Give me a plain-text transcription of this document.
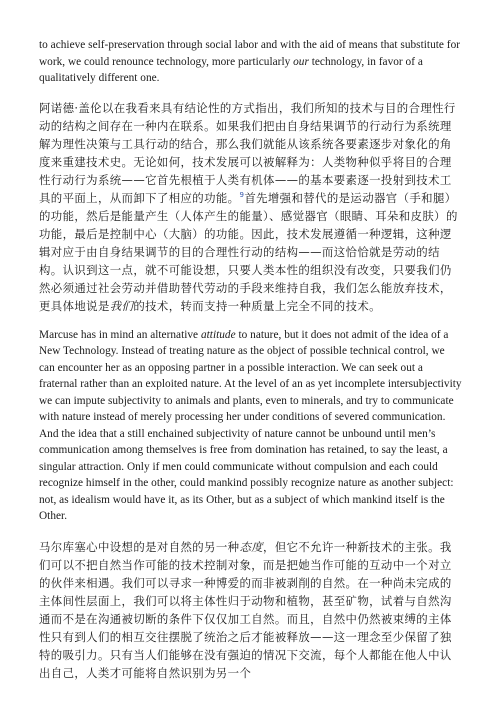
to achieve self-preservation through social labor and with the aid of means that substitute for work, we could renounce technology, more particularly our technology, in favor of a qualitatively different one.

阿诺德·盖伦以在我看来具有结论性的方式指出，我们所知的技术与目的合理性行动的结构之间存在一种内在联系。如果我们把由自身结果调节的行动行为系统理解为理性决策与工具行动的结合，那么我们就能从该系统各要素逐步对象化的角度来重建技术史。无论如何，技术发展可以被解释为：人类物种似乎将目的合理性行动行为系统——它首先根植于人类有机体——的基本要素逐一投射到技术工具的平面上，从而卸下了相应的功能。$^9$首先增强和替代的是运动器官（手和腿）的功能，然后是能量产生（人体产生的能量）、感觉器官（眼睛、耳朵和皮肤）的功能，最后是控制中心（大脑）的功能。因此，技术发展遵循一种逻辑，这种逻辑对应于由自身结果调节的目的合理性行动的结构——而这恰恰就是劳动的结构。认识到这一点，就不可能设想，只要人类本性的组织没有改变，只要我们仍然必须通过社会劳动并借助替代劳动的手段来维持自我，我们怎么能放弃技术，更具体地说是我们的技术，转而支持一种质量上完全不同的技术。

Marcuse has in mind an alternative attitude to nature, but it does not admit of the idea of a New Technology. Instead of treating nature as the object of possible technical control, we can encounter her as an opposing partner in a possible interaction. We can seek out a fraternal rather than an exploited nature. At the level of an as yet incomplete intersubjectivity we can impute subjectivity to animals and plants, even to minerals, and try to communicate with nature instead of merely processing her under conditions of severed communication. And the idea that a still enchained subjectivity of nature cannot be unbound until men’s communication among themselves is free from domination has retained, to say the least, a singular attraction. Only if men could communicate without compulsion and each could recognize himself in the other, could mankind possibly recognize nature as another subject: not, as idealism would have it, as its Other, but as a subject of which mankind itself is the Other.

马尔库塞心中设想的是对自然的另一种态度，但它不允许一种新技术的主张。我们可以不把自然当作可能的技术控制对象，而是把她当作可能的互动中一个对立的伙伴来相遇。我们可以寻求一种博爱的而非被剥削的自然。在一种尚未完成的主体间性层面上，我们可以将主体性归于动物和植物，甚至矿物，试着与自然沟通而不是在沟通被切断的条件下仅仅加工自然。而且，自然中仍然被束缚的主体性只有到人们的相互交往摆脱了统治之后才能被释放——这一理念至少保留了独特的吸引力。只有当人们能够在没有强迫的情况下交流，每个人都能在他人中认出自己，人类才可能将自然识别为另一个
